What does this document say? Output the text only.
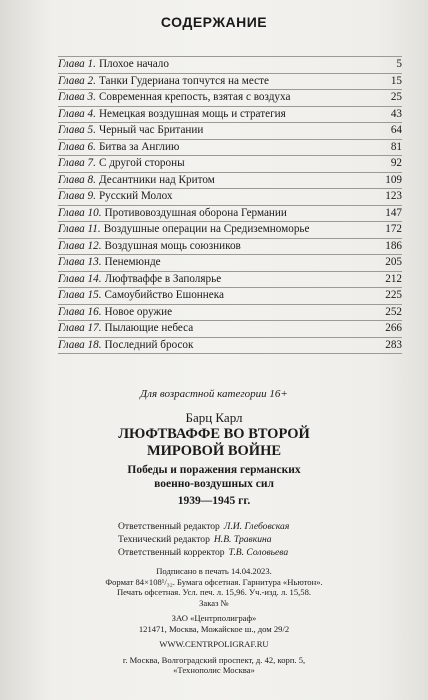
СОДЕРЖАНИЕ
Глава 1. Плохое начало	5
Глава 2. Танки Гудериана топчутся на месте	15
Глава 3. Современная крепость, взятая с воздуха	25
Глава 4. Немецкая воздушная мощь и стратегия	43
Глава 5. Черный час Британии	64
Глава 6. Битва за Англию	81
Глава 7. С другой стороны	92
Глава 8. Десантники над Критом	109
Глава 9. Русский Молох	123
Глава 10. Противовоздушная оборона Германии	147
Глава 11. Воздушные операции на Средиземноморье	172
Глава 12. Воздушная мощь союзников	186
Глава 13. Пенемюнде	205
Глава 14. Люфтваффе в Заполярье	212
Глава 15. Самоубийство Ешоннека	225
Глава 16. Новое оружие	252
Глава 17. Пылающие небеса	266
Глава 18. Последний бросок	283
Для возрастной категории 16+
Барц Карл
ЛЮФТВАФФЕ ВО ВТОРОЙ
МИРОВОЙ ВОЙНЕ
Победы и поражения германских
военно-воздушных сил
1939—1945 гг.
Ответственный редактор Л.И. Глебовская
Технический редактор Н.В. Травкина
Ответственный корректор Т.В. Соловьева
Подписано в печать 14.04.2023.
Формат 84×108¹/₃₂. Бумага офсетная. Гарнитура «Ньютон».
Печать офсетная. Усл. печ. л. 15,96. Уч.-изд. л. 15,58.
Заказ №
ЗАО «Центрполиграф»
121471, Москва, Можайское ш., дом 29/2
WWW.CENTRPOLIGRAF.RU
г. Москва, Волгоградский проспект, д. 42, корп. 5,
«Технополис Москва»
